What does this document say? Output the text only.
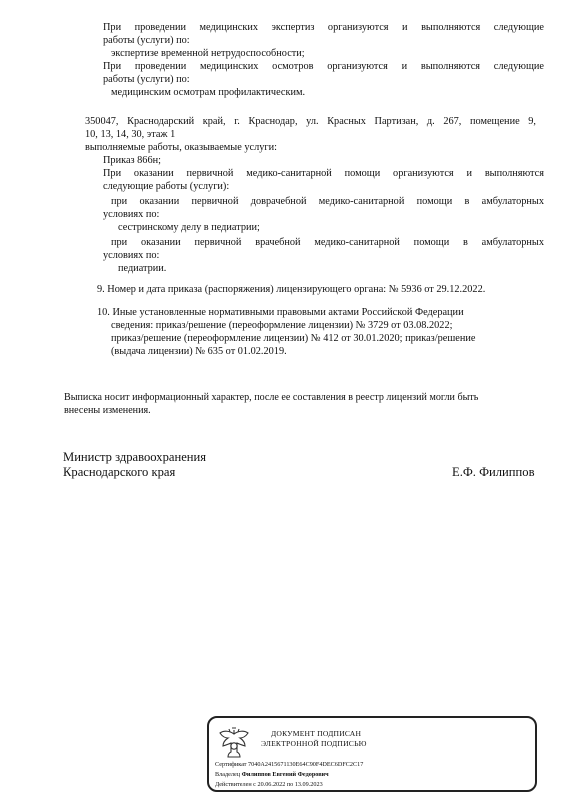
При проведении медицинских экспертиз организуются и выполняются следующие
работы (услуги) по:
экспертизе временной нетрудоспособности;
При проведении медицинских осмотров организуются и выполняются следующие
работы (услуги) по:
медицинским осмотрам профилактическим.
350047, Краснодарский край, г. Краснодар, ул. Красных Партизан, д. 267, помещение 9,
10, 13, 14, 30, этаж 1
выполняемые работы, оказываемые услуги:
Приказ 866н;
При оказании первичной медико-санитарной помощи организуются и выполняются
следующие работы (услуги):
при оказании первичной доврачебной медико-санитарной помощи в амбулаторных
условиях по:
сестринскому делу в педиатрии;
при оказании первичной врачебной медико-санитарной помощи в амбулаторных
условиях по:
педиатрии.
9. Номер и дата приказа (распоряжения) лицензирующего органа: № 5936 от 29.12.2022.
10. Иные установленные нормативными правовыми актами Российской Федерации
сведения: приказ/решение (переоформление лицензии) № 3729 от 03.08.2022;
приказ/решение (переоформление лицензии) № 412 от 30.01.2020; приказ/решение
(выдача лицензии) № 635 от 01.02.2019.
Выписка носит информационный характер, после ее составления в реестр лицензий могли быть
внесены изменения.
Министр здравоохранения
Краснодарского края	Е.Ф. Филиппов
ДОКУМЕНТ ПОДПИСАН
ЭЛЕКТРОННОЙ ПОДПИСЬЮ
Сертификат 7040A2415671130E64C90F4DEC6DFC2C17
Владелец Филиппов Евгений Федорович
Действителен с 20.06.2022 по 13.09.2023
